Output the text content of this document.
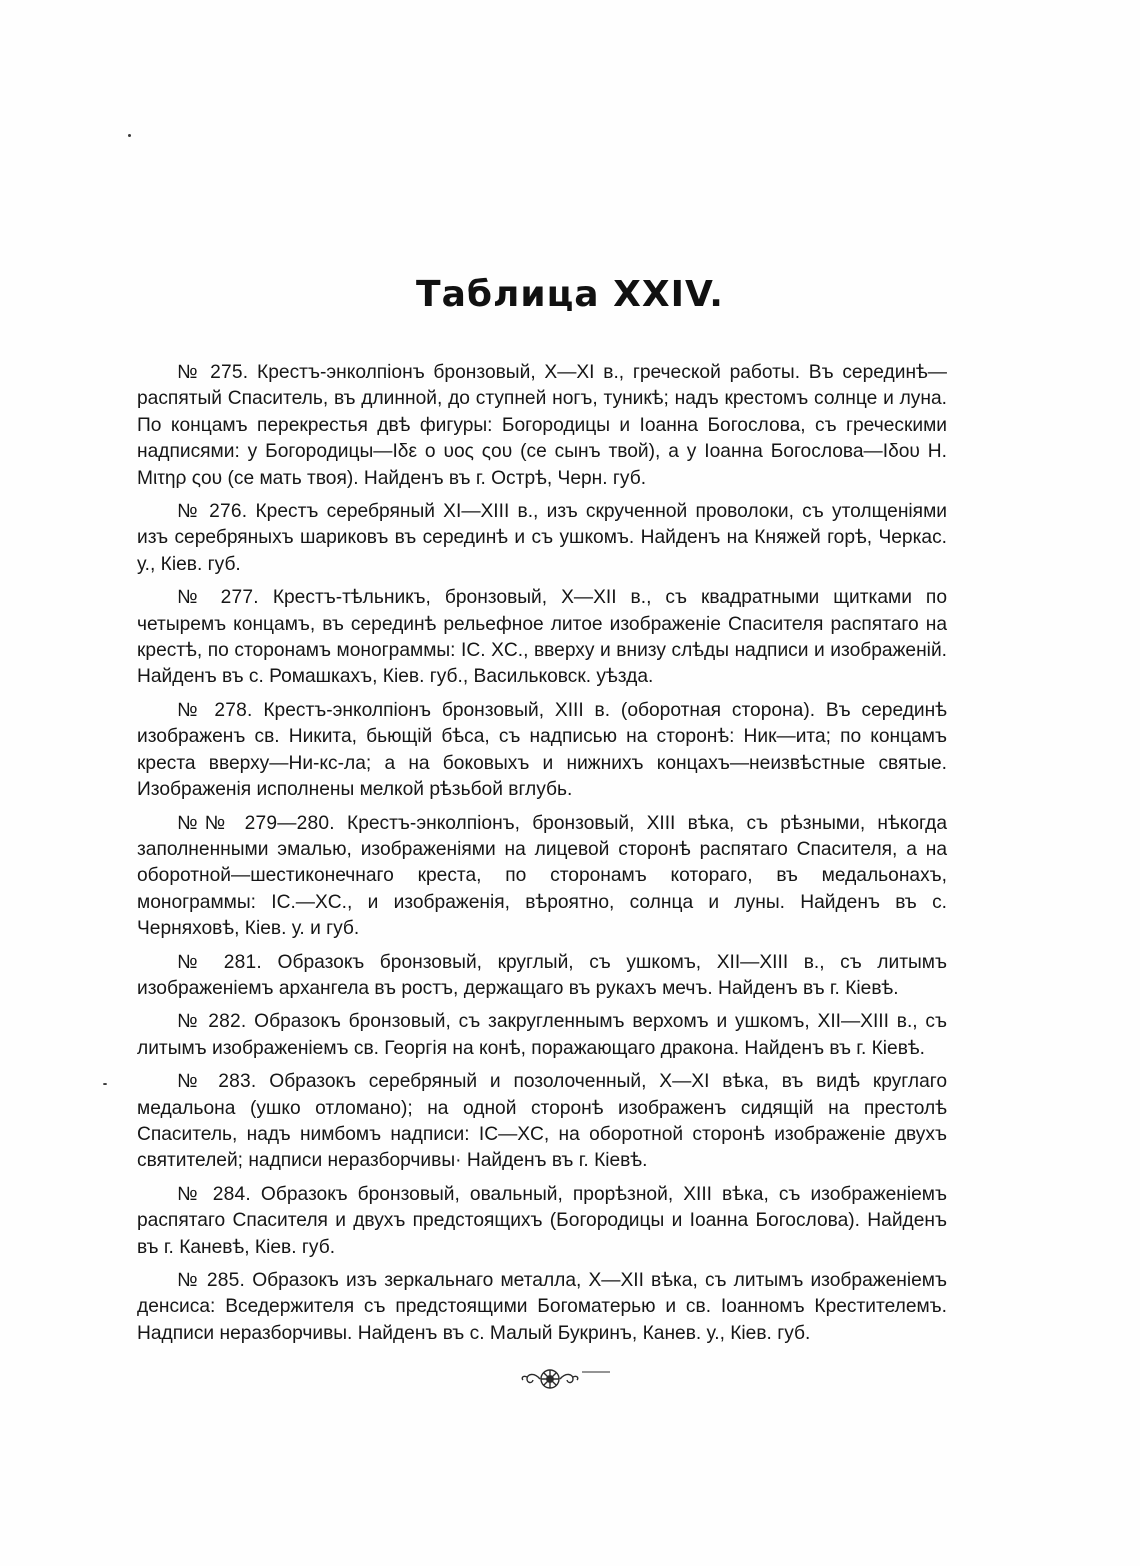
Таблица XXIV.

№ 275. Крестъ-энколпіонъ бронзовый, X—XI в., греческой работы. Въ серединѣ— распятый Спаситель, въ длинной, до ступней ногъ, туникѣ; надъ крестомъ солнце и луна. По концамъ перекрестья двѣ фигуры: Богородицы и Іоанна Богослова, съ греческими надписями: у Богородицы—Ιδε ο υος ςου (се сынъ твой), а у Іоанна Богослова—Ιδου Η. Μιτηρ ςου (се мать твоя). Найденъ въ г. Острѣ, Черн. губ.

№ 276. Крестъ серебряный XI—XIII в., изъ скрученной проволоки, съ утолщеніями изъ серебряныхъ шариковъ въ серединѣ и съ ушкомъ. Найденъ на Княжей горѣ, Черкас. у., Кіев. губ.

№ 277. Крестъ-тѣльникъ, бронзовый, X—XII в., съ квадратными щитками по четыремъ концамъ, въ серединѣ рельефное литое изображеніе Спасителя распятаго на крестѣ, по сторонамъ монограммы: IC. XC., вверху и внизу слѣды надписи и изображеній. Найденъ въ с. Ромашкахъ, Кіев. губ., Васильковск. уѣзда.

№ 278. Крестъ-энколпіонъ бронзовый, XIII в. (оборотная сторона). Въ серединѣ изображенъ св. Никита, бьющій бѣса, съ надписью на сторонѣ: Ник—ита; по концамъ креста вверху—Ни-кс-ла; а на боковыхъ и нижнихъ концахъ—неизвѣстные святые. Изображенія исполнены мелкой рѣзьбой вглубь.

№№ 279—280. Крестъ-энколпіонъ, бронзовый, XIII вѣка, съ рѣзными, нѣкогда заполненными эмалью, изображеніями на лицевой сторонѣ распятаго Спасителя, а на оборотной—шестиконечнаго креста, по сторонамъ котораго, въ медальонахъ, монограммы: IC.—XC., и изображенія, вѣроятно, солнца и луны. Найденъ въ с. Черняховѣ, Кіев. у. и губ.

№ 281. Образокъ бронзовый, круглый, съ ушкомъ, XII—XIII в., съ литымъ изображеніемъ архангела въ ростъ, держащаго въ рукахъ мечъ. Найденъ въ г. Кіевѣ.

№ 282. Образокъ бронзовый, съ закругленнымъ верхомъ и ушкомъ, XII—XIII в., съ литымъ изображеніемъ св. Георгія на конѣ, поражающаго дракона. Найденъ въ г. Кіевѣ.

№ 283. Образокъ серебряный и позолоченный, X—XI вѣка, въ видѣ круглаго медальона (ушко отломано); на одной сторонѣ изображенъ сидящій на престолѣ Спаситель, надъ нимбомъ надписи: IC—XC, на оборотной сторонѣ изображеніе двухъ святителей; надписи неразборчивы· Найденъ въ г. Кіевѣ.

№ 284. Образокъ бронзовый, овальный, прорѣзной, XIII вѣка, съ изображеніемъ распятаго Спасителя и двухъ предстоящихъ (Богородицы и Іоанна Богослова). Найденъ въ г. Каневѣ, Кіев. губ.

№ 285. Образокъ изъ зеркальнаго металла, X—XII вѣка, съ литымъ изображеніемъ денсиса: Вседержителя съ предстоящими Богоматерью и св. Іоанномъ Крестителемъ. Надписи неразборчивы. Найденъ въ с. Малый Букринъ, Канев. у., Кіев. губ.
